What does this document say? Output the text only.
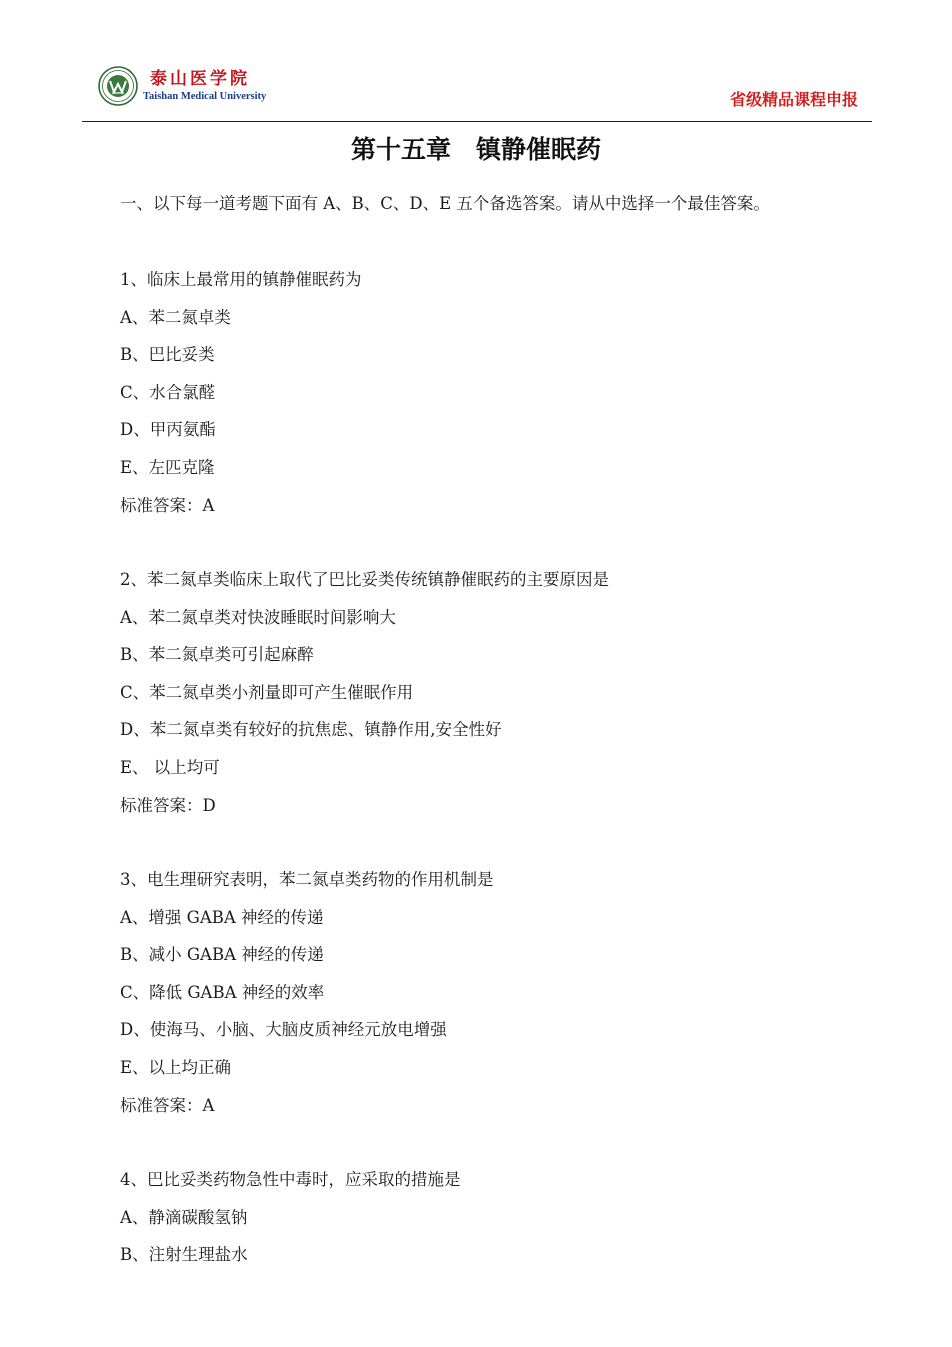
泰山医学院
Taishan Medical University	省级精品课程申报
第十五章　镇静催眠药
一、以下每一道考题下面有 A、B、C、D、E 五个备选答案。请从中选择一个最佳答案。
1、临床上最常用的镇静催眠药为
A、苯二氮卓类
B、巴比妥类
C、水合氯醛
D、甲丙氨酯
E、左匹克隆
标准答案：A
2、苯二氮卓类临床上取代了巴比妥类传统镇静催眠药的主要原因是
A、苯二氮卓类对快波睡眠时间影响大
B、苯二氮卓类可引起麻醉
C、苯二氮卓类小剂量即可产生催眠作用
D、苯二氮卓类有较好的抗焦虑、镇静作用,安全性好
E、 以上均可
标准答案：D
3、电生理研究表明，苯二氮卓类药物的作用机制是
A、增强 GABA 神经的传递
B、减小 GABA 神经的传递
C、降低 GABA 神经的效率
D、使海马、小脑、大脑皮质神经元放电增强
E、以上均正确
标准答案：A
4、巴比妥类药物急性中毒时，应采取的措施是
A、静滴碳酸氢钠
B、注射生理盐水
